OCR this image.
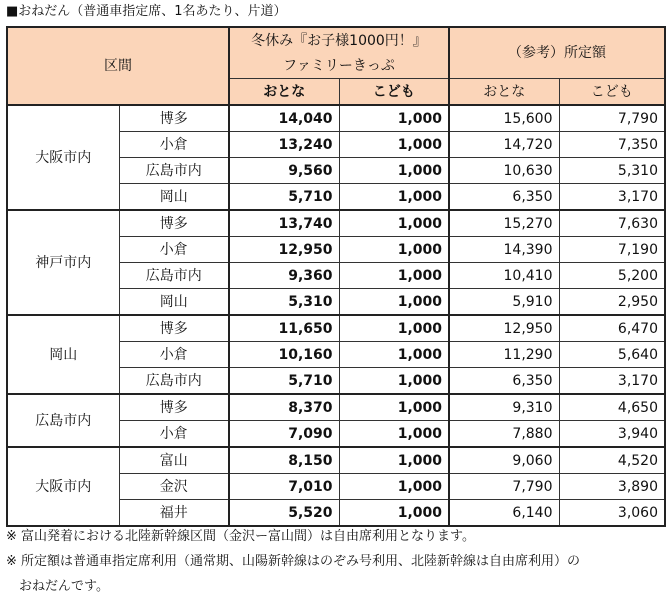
■おねだん（普通車指定席、1名あたり、片道）
区間		冬休み『お子様1000円！』		（参考）所定額	
		ファミリーきっぷ			
		おとな	こども	おとな	こども
大阪市内	博多	14,040	1,000	15,600	7,790
	小倉	13,240	1,000	14,720	7,350
	広島市内	9,560	1,000	10,630	5,310
	岡山	5,710	1,000	6,350	3,170
神戸市内	博多	13,740	1,000	15,270	7,630
	小倉	12,950	1,000	14,390	7,190
	広島市内	9,360	1,000	10,410	5,200
	岡山	5,310	1,000	5,910	2,950
岡山	博多	11,650	1,000	12,950	6,470
	小倉	10,160	1,000	11,290	5,640
	広島市内	5,710	1,000	6,350	3,170
広島市内	博多	8,370	1,000	9,310	4,650
	小倉	7,090	1,000	7,880	3,940
大阪市内	富山	8,150	1,000	9,060	4,520
	金沢	7,010	1,000	7,790	3,890
	福井	5,520	1,000	6,140	3,060
※ 富山発着における北陸新幹線区間（金沢ー富山間）は自由席利用となります。
※ 所定額は普通車指定席利用（通常期、山陽新幹線はのぞみ号利用、北陸新幹線は自由席利用）の
　おねだんです。
